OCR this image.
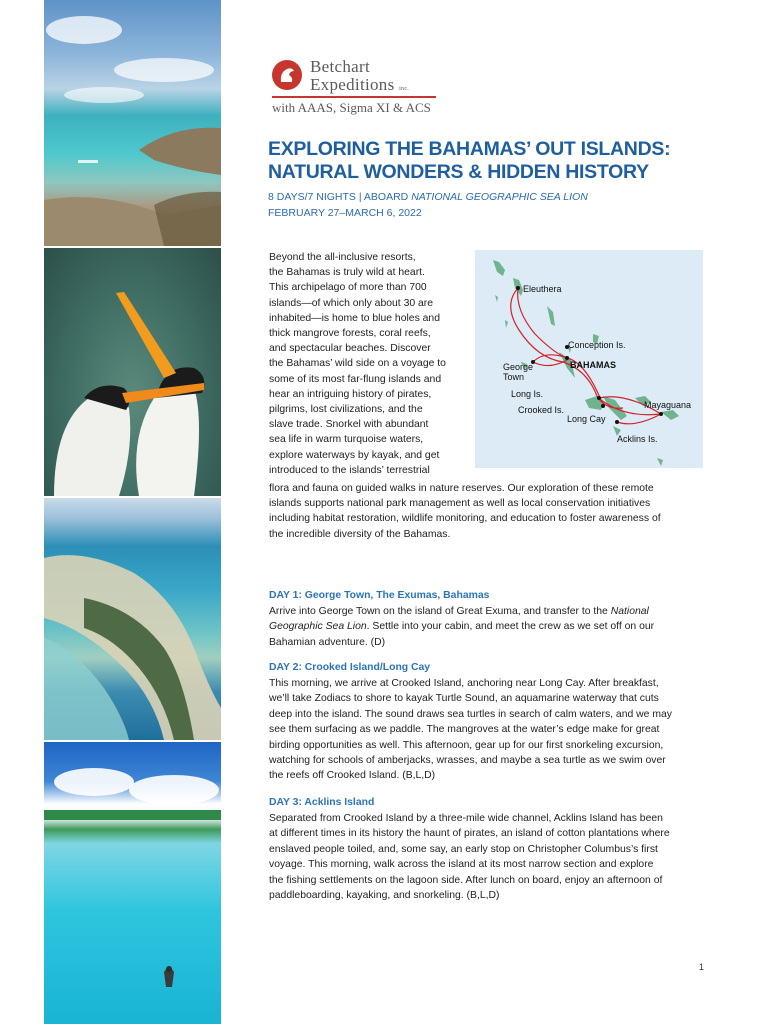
Betchart
Expeditions inc.
with AAAS, Sigma XI & ACS
EXPLORING THE BAHAMAS’ OUT ISLANDS:
NATURAL WONDERS & HIDDEN HISTORY
8 DAYS/7 NIGHTS | ABOARD NATIONAL GEOGRAPHIC SEA LION
FEBRUARY 27–MARCH 6, 2022
Beyond the all-inclusive resorts,
the Bahamas is truly wild at heart.
This archipelago of more than 700
islands—of which only about 30 are
inhabited—is home to blue holes and
thick mangrove forests, coral reefs,
and spectacular beaches. Discover
the Bahamas’ wild side on a voyage to
some of its most far-flung islands and
hear an intriguing history of pirates,
pilgrims, lost civilizations, and the
slave trade. Snorkel with abundant
sea life in warm turquoise waters,
explore waterways by kayak, and get
introduced to the islands’ terrestrial
flora and fauna on guided walks in nature reserves. Our exploration of these remote
islands supports national park management as well as local conservation initiatives
including habitat restoration, wildlife monitoring, and education to foster awareness of
the incredible diversity of the Bahamas.
Eleuthera
Conception Is.
BAHAMAS
George
Town
Long Is.
Crooked Is.
Long Cay
Mayaguana
Acklins Is.
DAY 1: George Town, The Exumas, Bahamas
Arrive into George Town on the island of Great Exuma, and transfer to the National
Geographic Sea Lion. Settle into your cabin, and meet the crew as we set off on our
Bahamian adventure. (D)
DAY 2: Crooked Island/Long Cay
This morning, we arrive at Crooked Island, anchoring near Long Cay. After breakfast,
we’ll take Zodiacs to shore to kayak Turtle Sound, an aquamarine waterway that cuts
deep into the island. The sound draws sea turtles in search of calm waters, and we may
see them surfacing as we paddle. The mangroves at the water’s edge make for great
birding opportunities as well. This afternoon, gear up for our first snorkeling excursion,
watching for schools of amberjacks, wrasses, and maybe a sea turtle as we swim over
the reefs off Crooked Island. (B,L,D)
DAY 3: Acklins Island
Separated from Crooked Island by a three-mile wide channel, Acklins Island has been
at different times in its history the haunt of pirates, an island of cotton plantations where
enslaved people toiled, and, some say, an early stop on Christopher Columbus’s first
voyage. This morning, walk across the island at its most narrow section and explore
the fishing settlements on the lagoon side. After lunch on board, enjoy an afternoon of
paddleboarding, kayaking, and snorkeling. (B,L,D)
1
